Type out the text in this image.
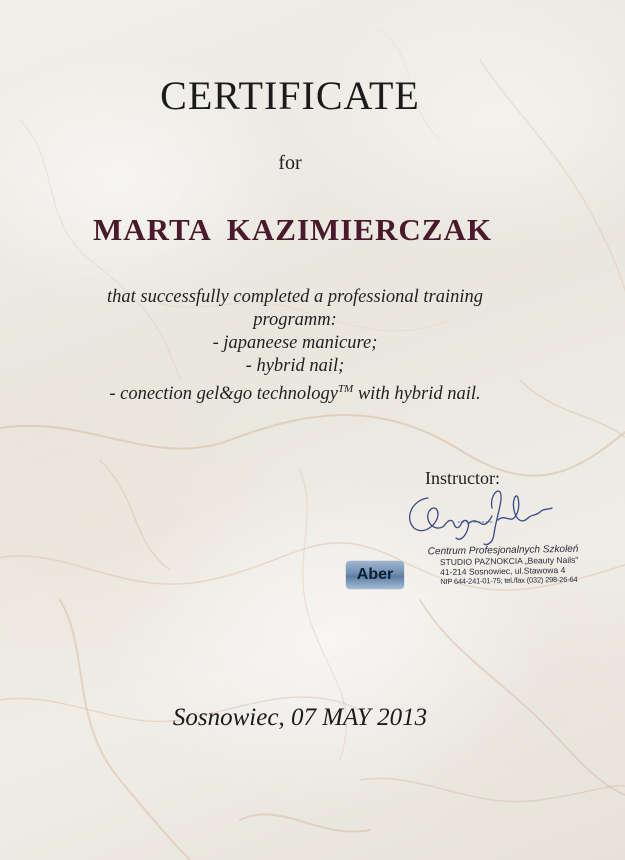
CERTIFICATE
for
MARTA KAZIMIERCZAK
that successfully completed a professional training
programm:
- japaneese manicure;
- hybrid nail;
- conection gel&go technology™ with hybrid nail.
Instructor:
Centrum Profesjonalnych Szkoleń
STUDIO PAZNOKCIA „Beauty Nails"
41-214 Sosnowiec, ul.Stawowa 4
NIP 644-241-01-75; tel./fax (032) 298-26-64
Aber
Sosnowiec, 07 MAY 2013
